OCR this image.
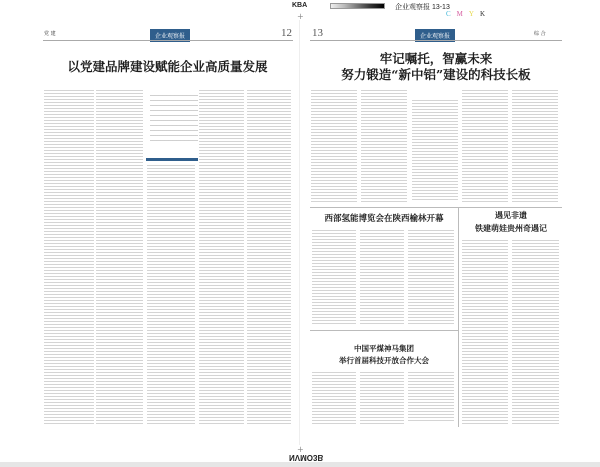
KBA	企业观察报 13-13
C M Y K
+
党 建	企业观察报	12
以党建品牌建设赋能企业高质量发展
13	企业观察报	综 合
牢记嘱托，智赢未来
努力锻造“新中铝”建设的科技长板
西部氢能博览会在陕西榆林开幕	遇见非遗
铁建萌娃贵州奇遇记
中国平煤神马集团
举行首届科技开放合作大会
+
NVMO3B
